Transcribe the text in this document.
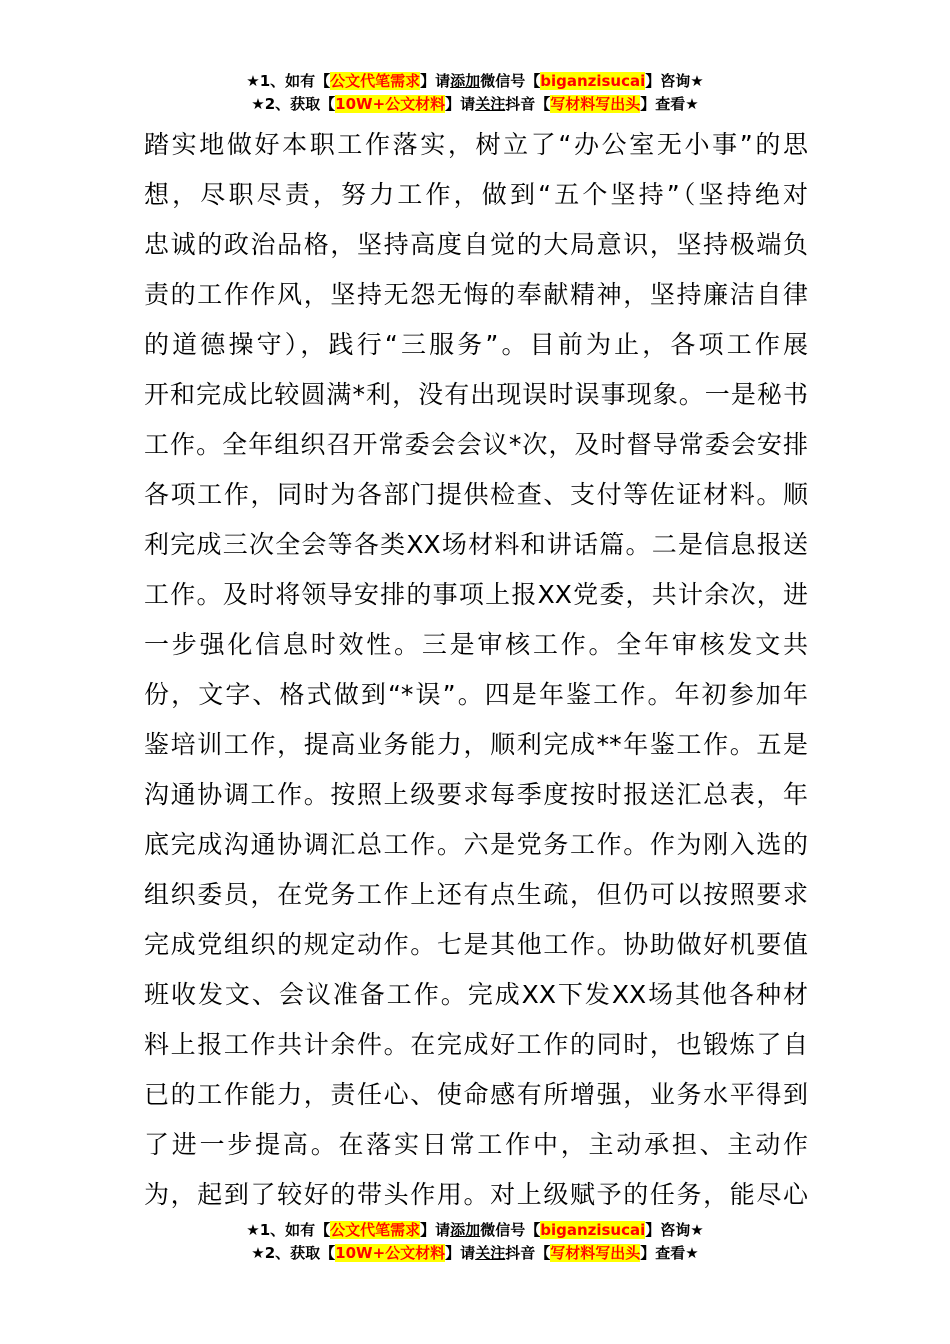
★1、如有【公文代笔需求】请添加微信号【biganzisucai】咨询★
★2、获取【10W+公文材料】请关注抖音【写材料写出头】查看★
踏实地做好本职工作落实，树立了“办公室无小事”的思
想，尽职尽责，努力工作，做到“五个坚持”（坚持绝对
忠诚的政治品格，坚持高度自觉的大局意识，坚持极端负
责的工作作风，坚持无怨无悔的奉献精神，坚持廉洁自律
的道德操守），践行“三服务”。目前为止，各项工作展
开和完成比较圆满*利，没有出现误时误事现象。一是秘书
工作。全年组织召开常委会会议*次，及时督导常委会安排
各项工作，同时为各部门提供检查、支付等佐证材料。顺
利完成三次全会等各类XX场材料和讲话篇。二是信息报送
工作。及时将领导安排的事项上报XX党委，共计余次，进
一步强化信息时效性。三是审核工作。全年审核发文共
份，文字、格式做到“*误”。四是年鉴工作。年初参加年
鉴培训工作，提高业务能力，顺利完成**年鉴工作。五是
沟通协调工作。按照上级要求每季度按时报送汇总表，年
底完成沟通协调汇总工作。六是党务工作。作为刚入选的
组织委员，在党务工作上还有点生疏，但仍可以按照要求
完成党组织的规定动作。七是其他工作。协助做好机要值
班收发文、会议准备工作。完成XX下发XX场其他各种材
料上报工作共计余件。在完成好工作的同时，也锻炼了自
已的工作能力，责任心、使命感有所增强，业务水平得到
了进一步提高。在落实日常工作中，主动承担、主动作
为，起到了较好的带头作用。对上级赋予的任务，能尽心
★1、如有【公文代笔需求】请添加微信号【biganzisucai】咨询★
★2、获取【10W+公文材料】请关注抖音【写材料写出头】查看★
